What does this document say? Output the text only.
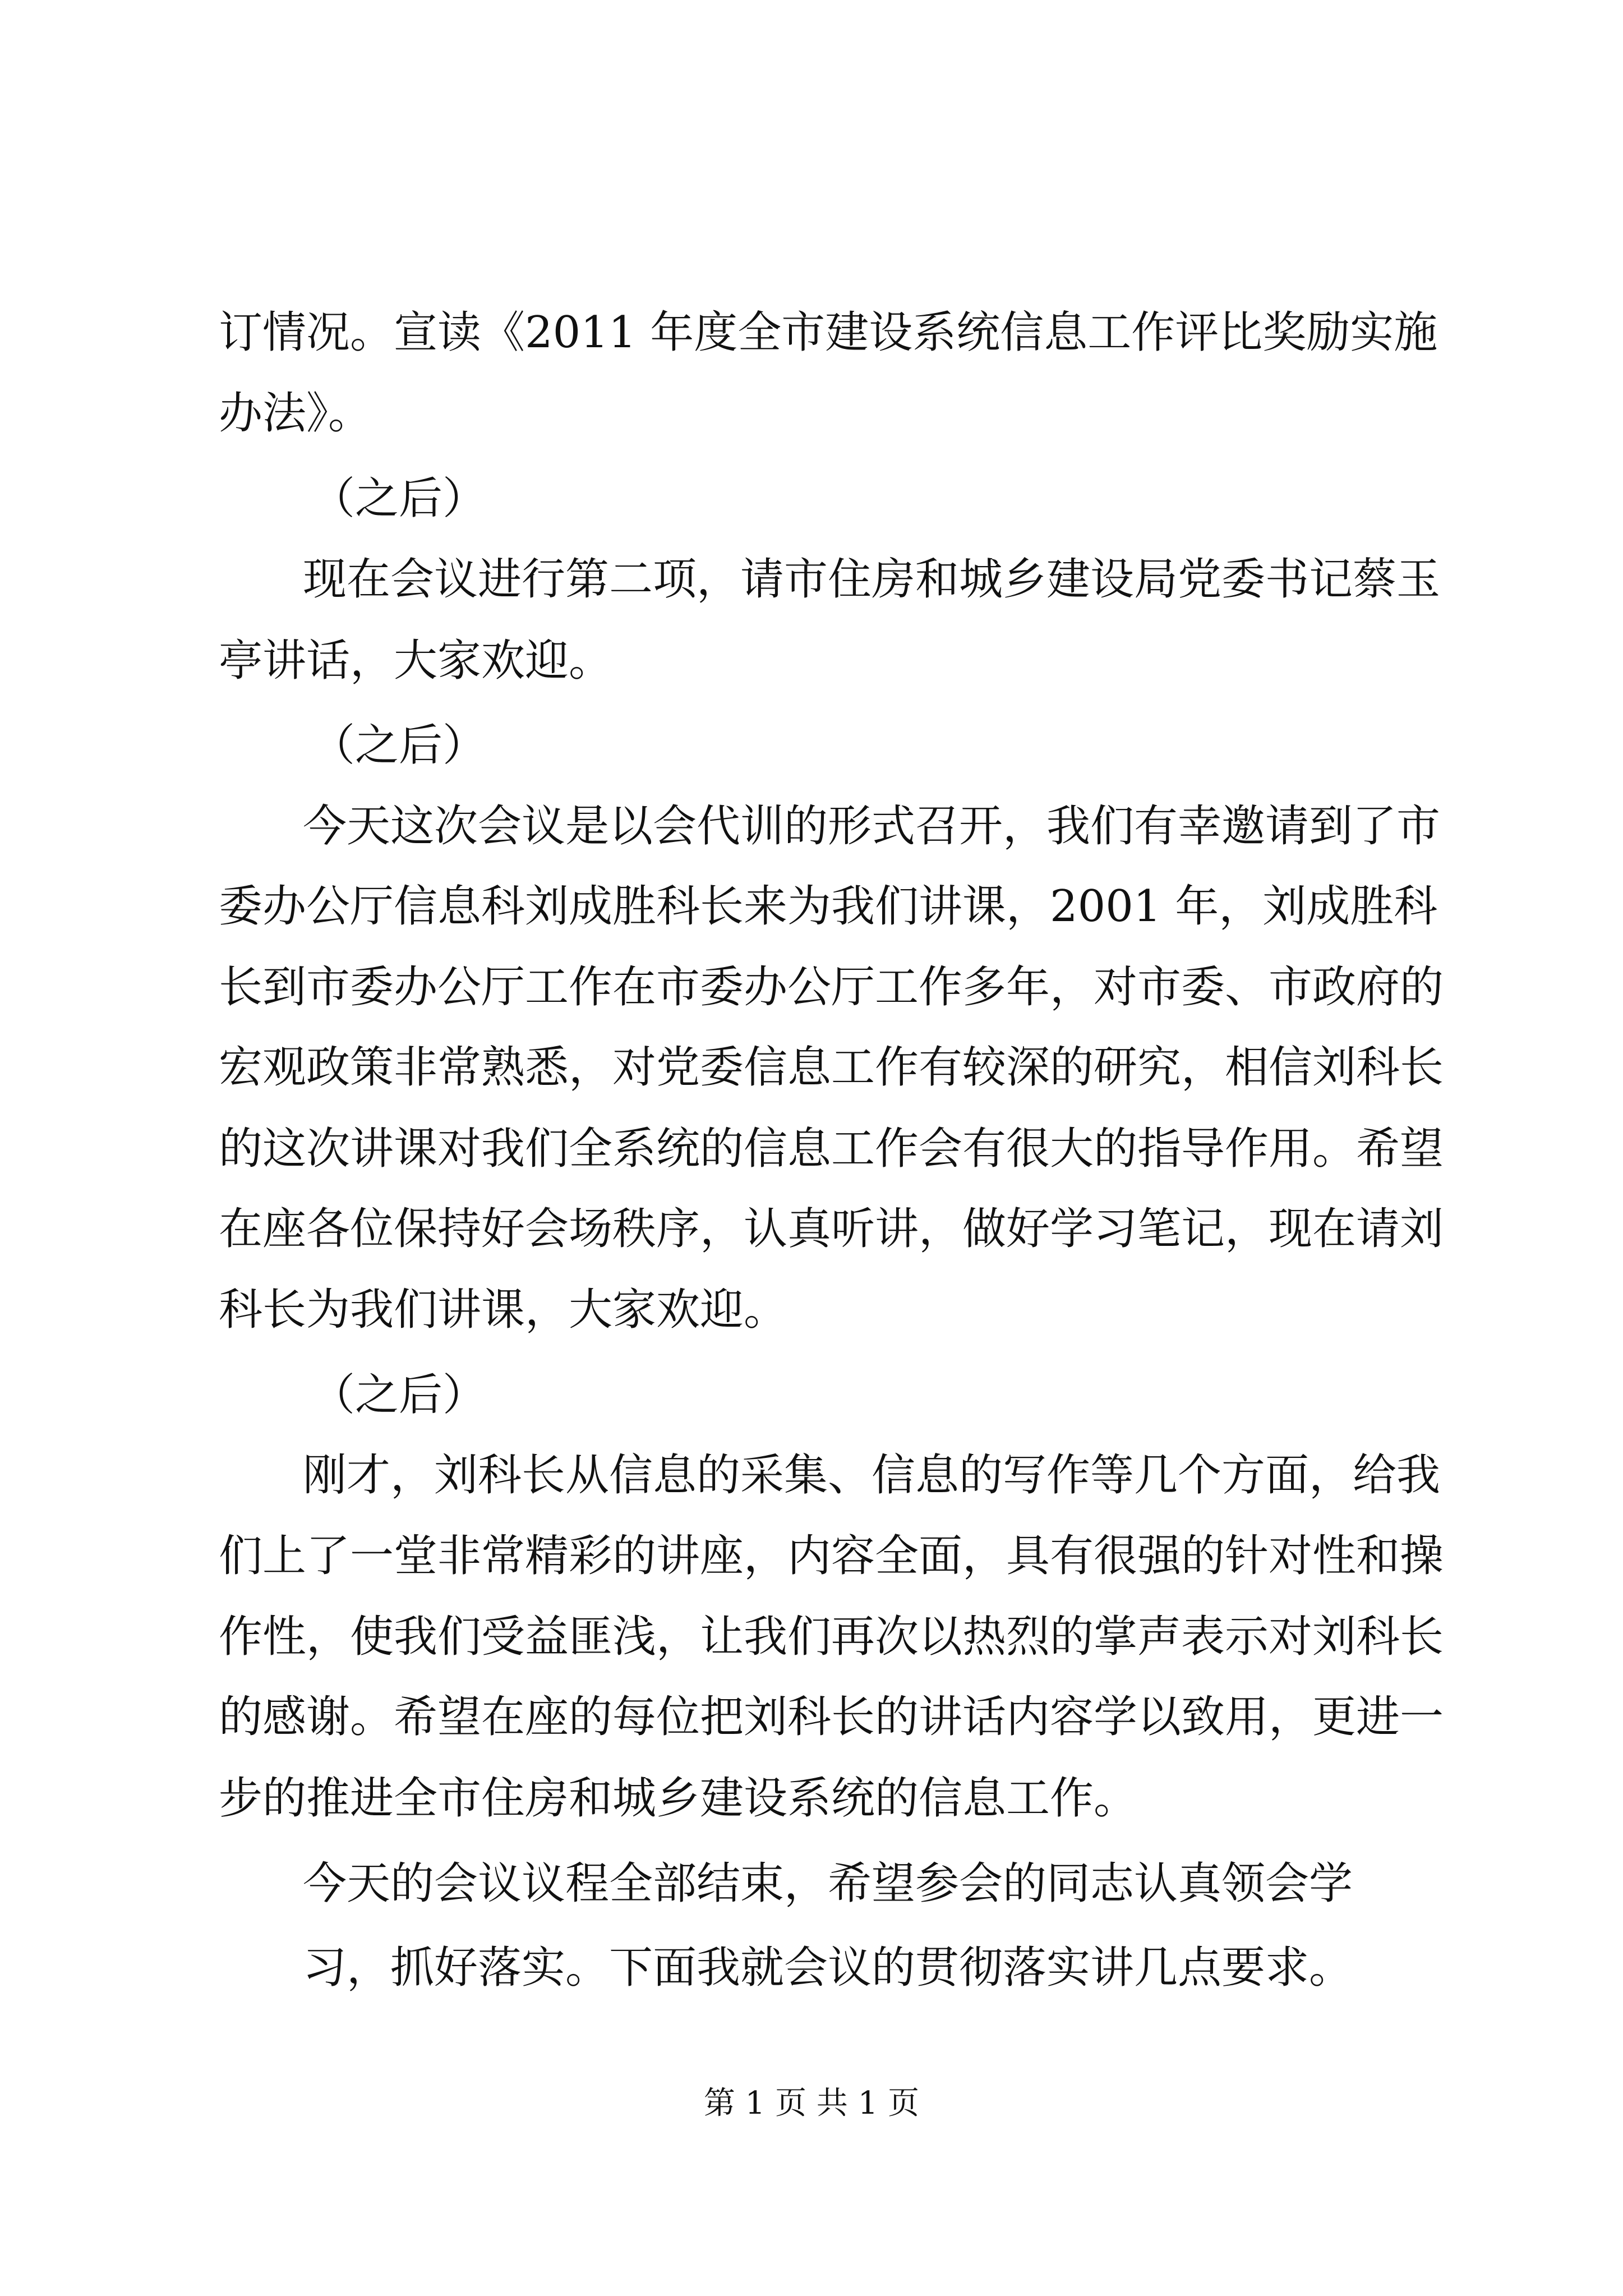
订情况。宣读《2011 年度全市建设系统信息工作评比奖励实施
办法》。
（之后）
现在会议进行第二项，请市住房和城乡建设局党委书记蔡玉
亭讲话，大家欢迎。
（之后）
今天这次会议是以会代训的形式召开，我们有幸邀请到了市
委办公厅信息科刘成胜科长来为我们讲课，2001 年，刘成胜科
长到市委办公厅工作在市委办公厅工作多年，对市委、市政府的
宏观政策非常熟悉，对党委信息工作有较深的研究，相信刘科长
的这次讲课对我们全系统的信息工作会有很大的指导作用。希望
在座各位保持好会场秩序，认真听讲，做好学习笔记，现在请刘
科长为我们讲课，大家欢迎。
（之后）
刚才，刘科长从信息的采集、信息的写作等几个方面，给我
们上了一堂非常精彩的讲座，内容全面，具有很强的针对性和操
作性，使我们受益匪浅，让我们再次以热烈的掌声表示对刘科长
的感谢。希望在座的每位把刘科长的讲话内容学以致用，更进一
步的推进全市住房和城乡建设系统的信息工作。
今天的会议议程全部结束，希望参会的同志认真领会学
习，抓好落实。下面我就会议的贯彻落实讲几点要求。
第 1 页 共 1 页
